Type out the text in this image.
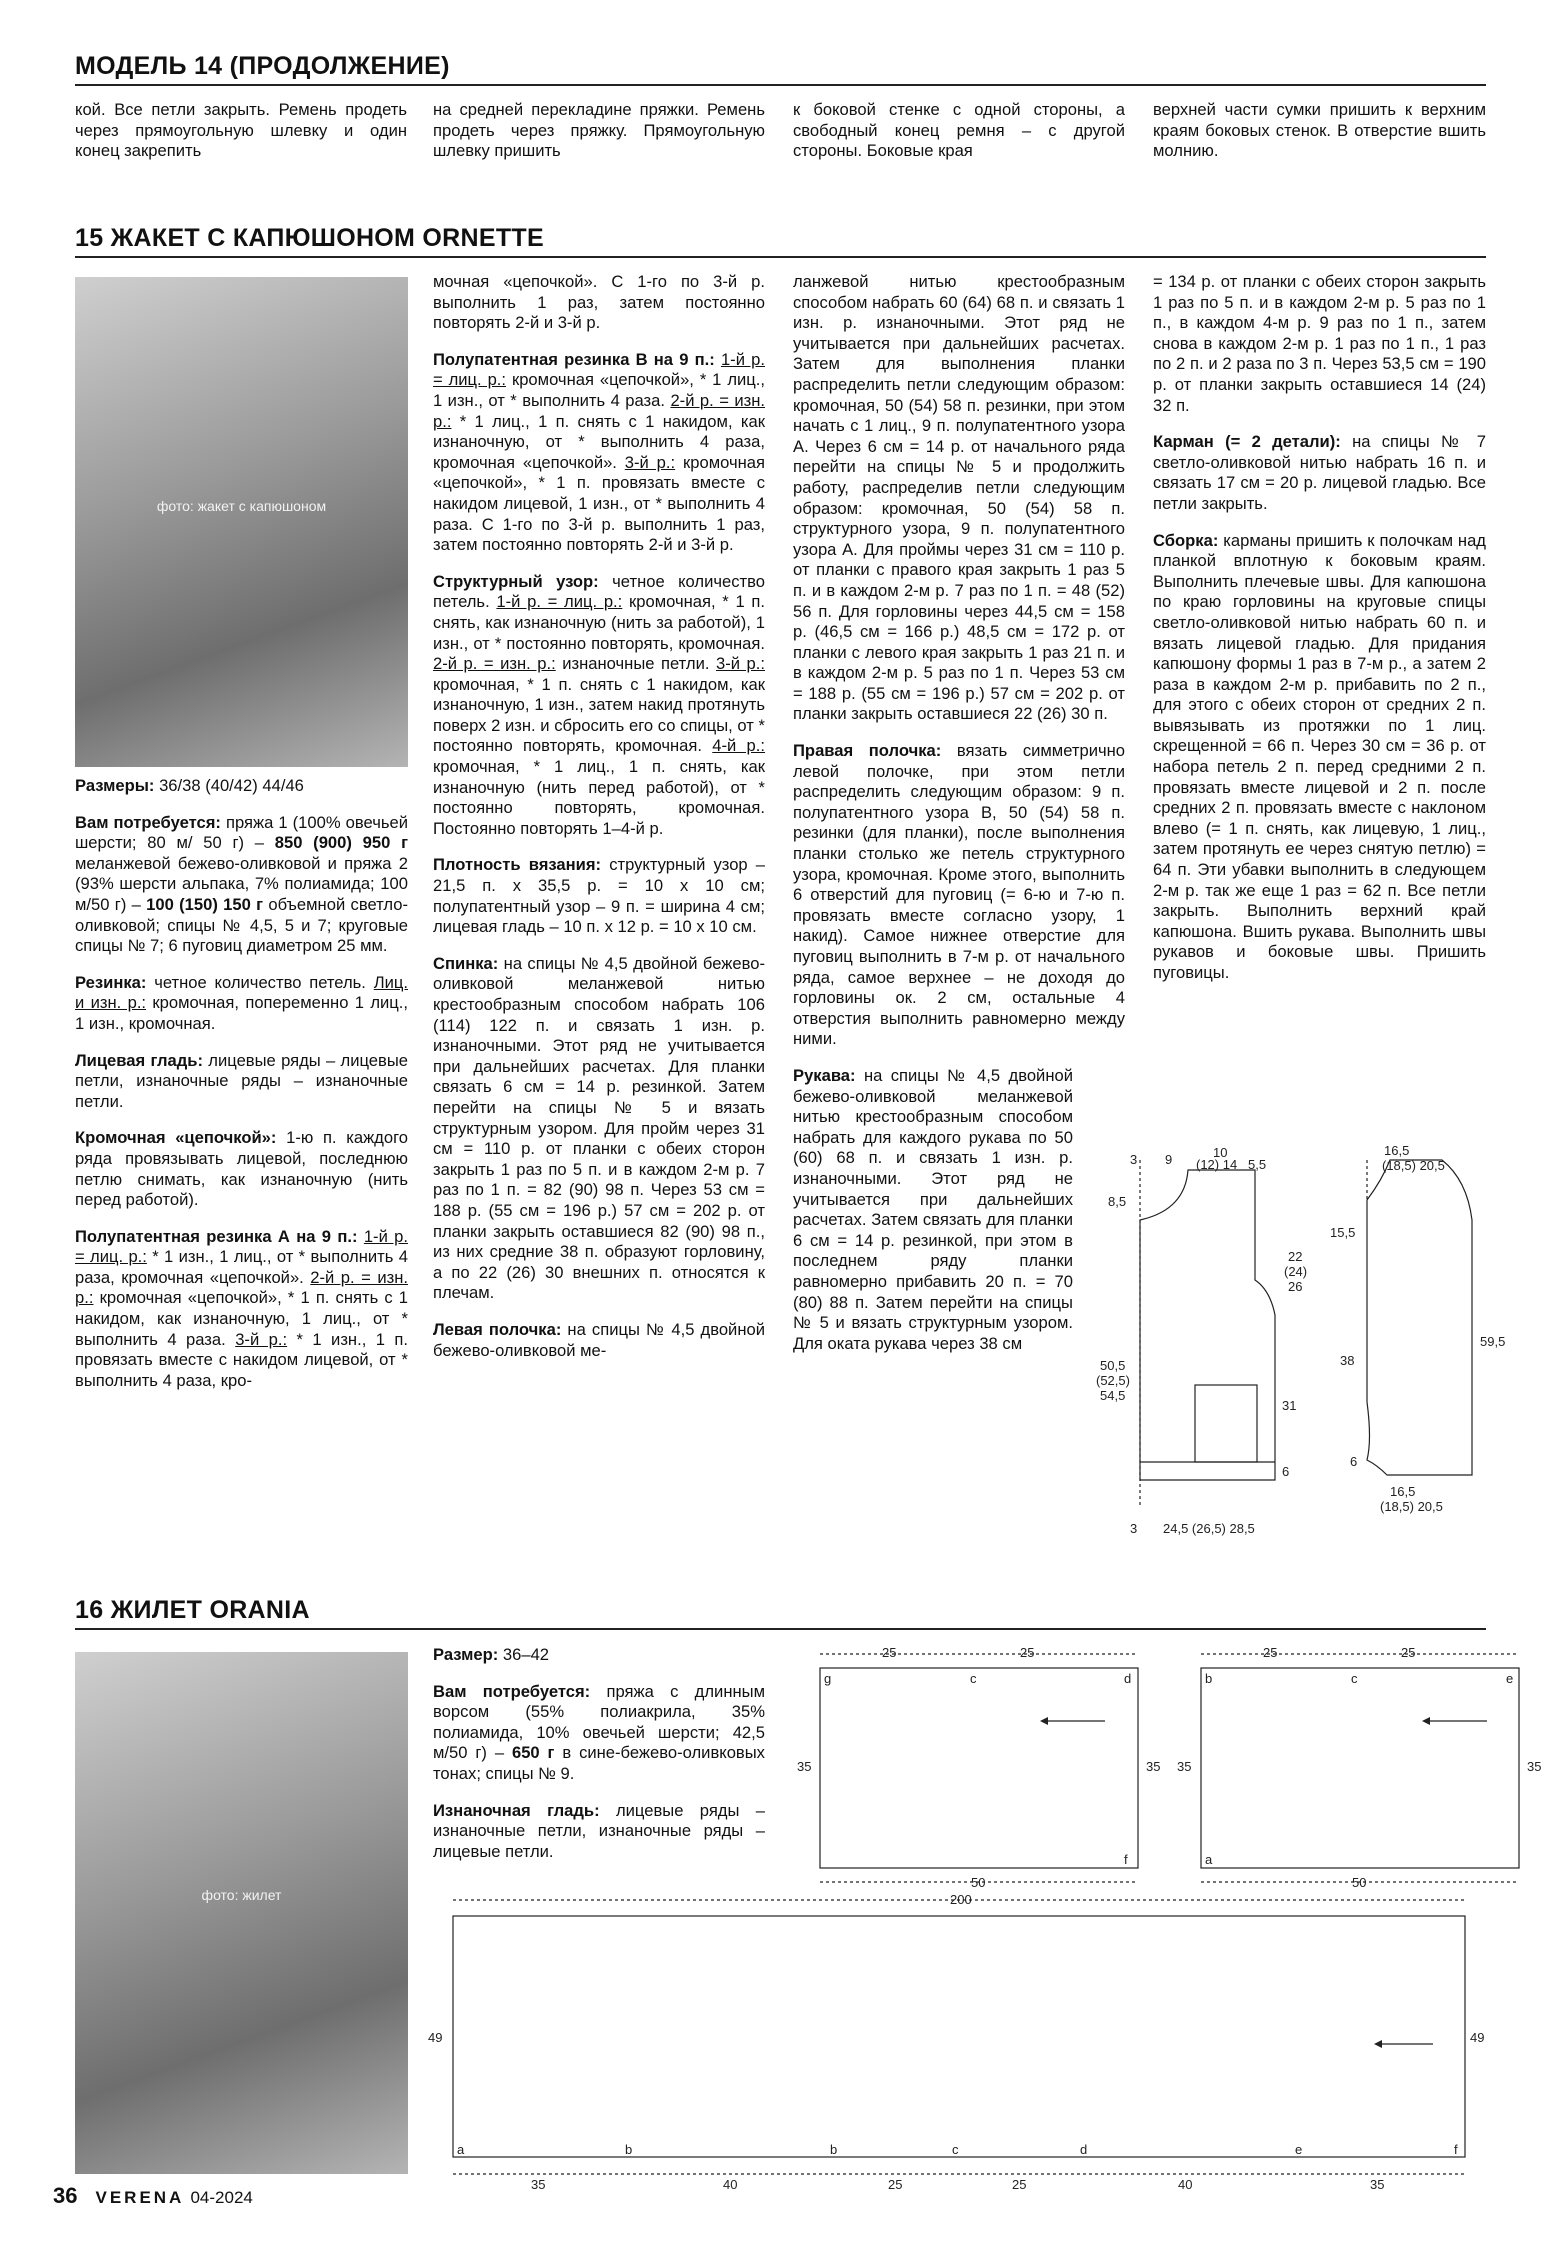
МОДЕЛЬ 14 (ПРОДОЛЖЕНИЕ)
кой. Все петли закрыть. Ремень продеть через прямоугольную шлевку и один конец закрепить
на средней перекладине пряжки. Ремень продеть через пряжку. Прямоугольную шлевку пришить
к боковой стенке с одной стороны, а свободный конец ремня – с другой стороны. Боковые края
верхней части сумки пришить к верхним краям боковых стенок. В отверстие вшить молнию.
15 ЖАКЕТ С КАПЮШОНОМ ORNETTE
фото: жакет с капюшоном

Размеры: 36/38 (40/42) 44/46

Вам потребуется: пряжа 1 (100% овечьей шерсти; 80 м/ 50 г) – 850 (900) 950 г меланжевой бежево-оливковой и пряжа 2 (93% шерсти альпака, 7% полиамида; 100 м/50 г) – 100 (150) 150 г объемной светло-оливковой; спицы № 4,5, 5 и 7; круговые спицы № 7; 6 пуговиц диаметром 25 мм.

Резинка: четное количество петель. Лиц. и изн. р.: кромочная, попеременно 1 лиц., 1 изн., кромочная.

Лицевая гладь: лицевые ряды – лицевые петли, изнаночные ряды – изнаночные петли.

Кромочная «цепочкой»: 1-ю п. каждого ряда провязывать лицевой, последнюю петлю снимать, как изнаночную (нить перед работой).

Полупатентная резинка А на 9 п.: 1-й р. = лиц. р.: * 1 изн., 1 лиц., от * выполнить 4 раза, кромочная «цепочкой». 2-й р. = изн. р.: кромочная «цепочкой», * 1 п. снять с 1 накидом, как изнаночную, 1 лиц., от * выполнить 4 раза. 3-й р.: * 1 изн., 1 п. провязать вместе с накидом лицевой, от * выполнить 4 раза, кро-

мочная «цепочкой». С 1-го по 3-й р. выполнить 1 раз, затем постоянно повторять 2-й и 3-й р.

Полупатентная резинка В на 9 п.: 1-й р. = лиц. р.: кромочная «цепочкой», * 1 лиц., 1 изн., от * выполнить 4 раза. 2-й р. = изн. р.: * 1 лиц., 1 п. снять с 1 накидом, как изнаночную, от * выполнить 4 раза, кромочная «цепочкой». 3-й р.: кромочная «цепочкой», * 1 п. провязать вместе с накидом лицевой, 1 изн., от * выполнить 4 раза. С 1-го по 3-й р. выполнить 1 раз, затем постоянно повторять 2-й и 3-й р.

Структурный узор: четное количество петель. 1-й р. = лиц. р.: кромочная, * 1 п. снять, как изнаночную (нить за работой), 1 изн., от * постоянно повторять, кромочная. 2-й р. = изн. р.: изнаночные петли. 3-й р.: кромочная, * 1 п. снять с 1 накидом, как изнаночную, 1 изн., затем накид протянуть поверх 2 изн. и сбросить его со спицы, от * постоянно повторять, кромочная. 4-й р.: кромочная, * 1 лиц., 1 п. снять, как изнаночную (нить перед работой), от * постоянно повторять, кромочная. Постоянно повторять 1–4-й р.

Плотность вязания: структурный узор – 21,5 п. х 35,5 р. = 10 х 10 см; полупатентный узор – 9 п. = ширина 4 см; лицевая гладь – 10 п. х 12 р. = 10 х 10 см.

Спинка: на спицы № 4,5 двойной бежево-оливковой меланжевой нитью крестообразным способом набрать 106 (114) 122 п. и связать 1 изн. р. изнаночными. Этот ряд не учитывается при дальнейших расчетах. Для планки связать 6 см = 14 р. резинкой. Затем перейти на спицы № 5 и вязать структурным узором. Для пройм через 31 см = 110 р. от планки с обеих сторон закрыть 1 раз по 5 п. и в каждом 2-м р. 7 раз по 1 п. = 82 (90) 98 п. Через 53 см = 188 р. (55 см = 196 р.) 57 см = 202 р. от планки закрыть оставшиеся 82 (90) 98 п., из них средние 38 п. образуют горловину, а по 22 (26) 30 внешних п. относятся к плечам.

Левая полочка: на спицы № 4,5 двойной бежево-оливковой ме-

ланжевой нитью крестообразным способом набрать 60 (64) 68 п. и связать 1 изн. р. изнаночными. Этот ряд не учитывается при дальнейших расчетах. Затем для выполнения планки распределить петли следующим образом: кромочная, 50 (54) 58 п. резинки, при этом начать с 1 лиц., 9 п. полупатентного узора А. Через 6 см = 14 р. от начального ряда перейти на спицы № 5 и продолжить работу, распределив петли следующим образом: кромочная, 50 (54) 58 п. структурного узора, 9 п. полупатентного узора А. Для проймы через 31 см = 110 р. от планки с правого края закрыть 1 раз 5 п. и в каждом 2-м р. 7 раз по 1 п. = 48 (52) 56 п. Для горловины через 44,5 см = 158 р. (46,5 см = 166 р.) 48,5 см = 172 р. от планки с левого края закрыть 1 раз 21 п. и в каждом 2-м р. 5 раз по 1 п. Через 53 см = 188 р. (55 см = 196 р.) 57 см = 202 р. от планки закрыть оставшиеся 22 (26) 30 п.

Правая полочка: вязать симметрично левой полочке, при этом петли распределить следующим образом: 9 п. полупатентного узора В, 50 (54) 58 п. резинки (для планки), после выполнения планки столько же петель структурного узора, кромочная. Кроме этого, выполнить 6 отверстий для пуговиц (= 6-ю и 7-ю п. провязать вместе согласно узору, 1 накид). Самое нижнее отверстие для пуговиц выполнить в 7-м р. от начального ряда, самое верхнее – не доходя до горловины ок. 2 см, остальные 4 отверстия выполнить равномерно между ними.

Рукава: на спицы № 4,5 двойной бежево-оливковой меланжевой нитью крестообразным способом набрать для каждого рукава по 50 (60) 68 п. и связать 1 изн. р. изнаночными. Этот ряд не учитывается при дальнейших расчетах. Затем связать для планки 6 см = 14 р. резинкой, при этом в последнем ряду планки равномерно прибавить 20 п. = 70 (80) 88 п. Затем перейти на спицы № 5 и вязать структурным узором. Для оката рукава через 38 см

= 134 р. от планки с обеих сторон закрыть 1 раз по 5 п. и в каждом 2-м р. 5 раз по 1 п., в каждом 4-м р. 9 раз по 1 п., затем снова в каждом 2-м р. 1 раз по 1 п., 1 раз по 2 п. и 2 раза по 3 п. Через 53,5 см = 190 р. от планки закрыть оставшиеся 14 (24) 32 п.

Карман (= 2 детали): на спицы № 7 светло-оливковой нитью набрать 16 п. и связать 17 см = 20 р. лицевой гладью. Все петли закрыть.

Сборка: карманы пришить к полочкам над планкой вплотную к боковым краям. Выполнить плечевые швы. Для капюшона по краю горловины на круговые спицы светло-оливковой нитью набрать 60 п. и вязать лицевой гладью. Для придания капюшону формы 1 раз в 7-м р., а затем 2 раза в каждом 2-м р. прибавить по 2 п., для этого с обеих сторон от средних 2 п. вывязывать из протяжки по 1 лиц. скрещенной = 66 п. Через 30 см = 36 р. от набора петель 2 п. перед средними 2 п. провязать вместе лицевой и 2 п. после средних 2 п. провязать вместе с наклоном влево (= 1 п. снять, как лицевую, 1 лиц., затем протянуть ее через снятую петлю) = 64 п. Эти убавки выполнить в следующем 2-м р. так же еще 1 раз = 62 п. Все петли закрыть. Выполнить верхний край капюшона. Вшить рукава. Выполнить швы рукавов и боковые швы. Пришить пуговицы.

3 9	10
(12) 14 5,5
8,5
22
(24)
26
50,5
(52,5)
54,5
31
6
3 24,5 (26,5) 28,5
16,5
(18,5) 20,5
15,5
38
59,5
6
16,5
(18,5) 20,5
16 ЖИЛЕТ ORANIA
фото: жилет

Размер: 36–42

Вам потребуется: пряжа с длинным ворсом (55% полиакрила, 35% полиамида, 10% овечьей шерсти; 42,5 м/50 г) – 650 г в сине-бежево-оливковых тонах; спицы № 9.

Изнаночная гладь: лицевые ряды – изнаночные петли, изнаночные ряды – лицевые петли.

25	25
g	c	d
35	35
f
50
25	25
b	c	e
35	35
a
50
200
49	49
a	b	b	c	d	e	f
35	40	25	25	40	35
36 VERENA 04-2024
